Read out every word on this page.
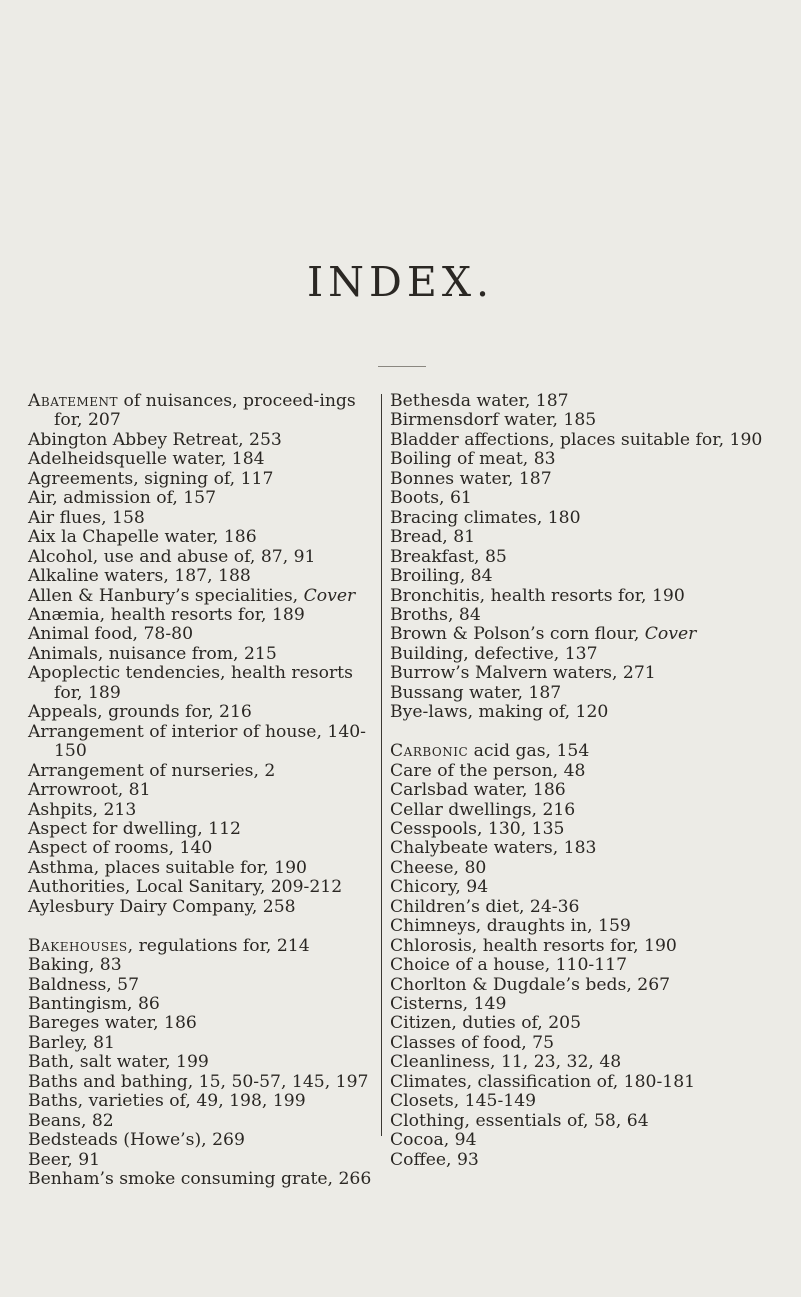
INDEX.

Abatement of nuisances, proceed-ings for, 207

Abington Abbey Retreat, 253

Adelheidsquelle water, 184

Agreements, signing of, 117

Air, admission of, 157

Air flues, 158

Aix la Chapelle water, 186

Alcohol, use and abuse of, 87, 91

Alkaline waters, 187, 188

Allen & Hanbury’s specialities, Cover

Anæmia, health resorts for, 189

Animal food, 78-80

Animals, nuisance from, 215

Apoplectic tendencies, health resorts for, 189

Appeals, grounds for, 216

Arrangement of interior of house, 140-150

Arrangement of nurseries, 2

Arrowroot, 81

Ashpits, 213

Aspect for dwelling, 112

Aspect of rooms, 140

Asthma, places suitable for, 190

Authorities, Local Sanitary, 209-212

Aylesbury Dairy Company, 258

Bakehouses, regulations for, 214

Baking, 83

Baldness, 57

Bantingism, 86

Bareges water, 186

Barley, 81

Bath, salt water, 199

Baths and bathing, 15, 50-57, 145, 197

Baths, varieties of, 49, 198, 199

Beans, 82

Bedsteads (Howe’s), 269

Beer, 91

Benham’s smoke consuming grate, 266

Bethesda water, 187

Birmensdorf water, 185

Bladder affections, places suitable for, 190

Boiling of meat, 83

Bonnes water, 187

Boots, 61

Bracing climates, 180

Bread, 81

Breakfast, 85

Broiling, 84

Bronchitis, health resorts for, 190

Broths, 84

Brown & Polson’s corn flour, Cover

Building, defective, 137

Burrow’s Malvern waters, 271

Bussang water, 187

Bye-laws, making of, 120

Carbonic acid gas, 154

Care of the person, 48

Carlsbad water, 186

Cellar dwellings, 216

Cesspools, 130, 135

Chalybeate waters, 183

Cheese, 80

Chicory, 94

Children’s diet, 24-36

Chimneys, draughts in, 159

Chlorosis, health resorts for, 190

Choice of a house, 110-117

Chorlton & Dugdale’s beds, 267

Cisterns, 149

Citizen, duties of, 205

Classes of food, 75

Cleanliness, 11, 23, 32, 48

Climates, classification of, 180-181

Closets, 145-149

Clothing, essentials of, 58, 64

Cocoa, 94

Coffee, 93
